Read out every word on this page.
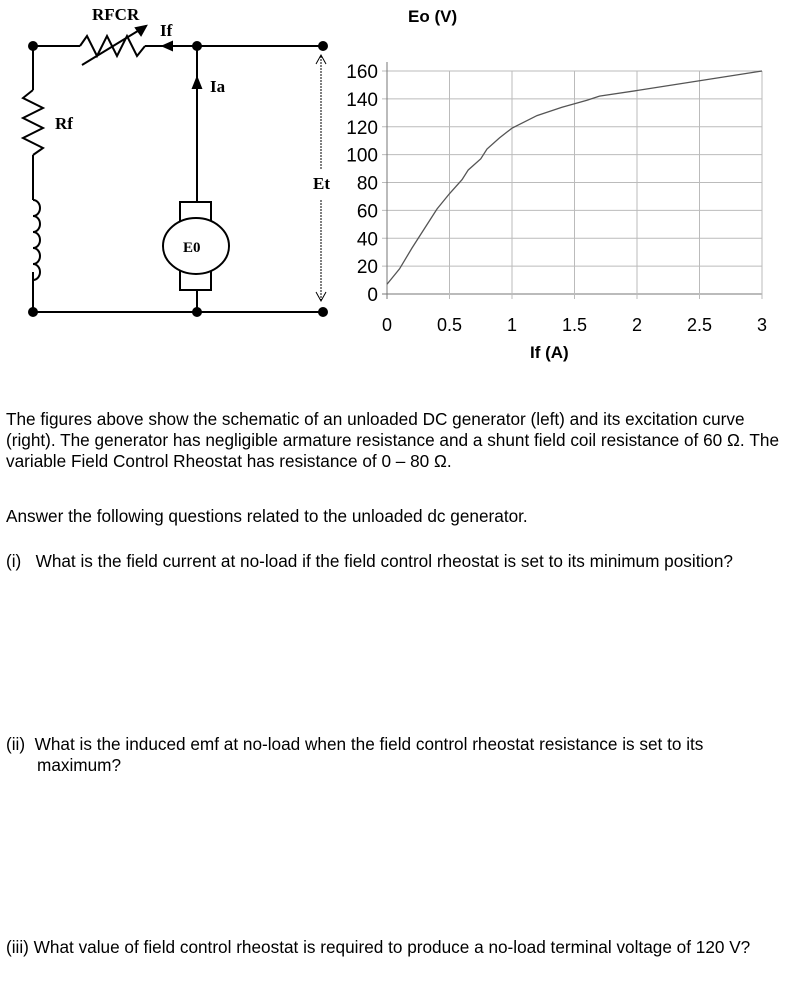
RFCR
If
Ia
Rf
Et
E0
0
20
40
60
80
100
120
140
160
0 0.5 1 1.5 2 2.5 3
Eo (V)
If (A)
The figures above show the schematic of an unloaded DC generator (left) and its excitation curve (right). The generator has negligible armature resistance and a shunt field coil resistance of 60 Ω. The variable Field Control Rheostat has resistance of 0 – 80 Ω.
Answer the following questions related to the unloaded dc generator.
(i)   What is the field current at no-load if the field control rheostat is set to its minimum position?
(ii)  What is the induced emf at no-load when the field control rheostat resistance is set to its maximum?
(iii) What value of field control rheostat is required to produce a no-load terminal voltage of 120 V?
